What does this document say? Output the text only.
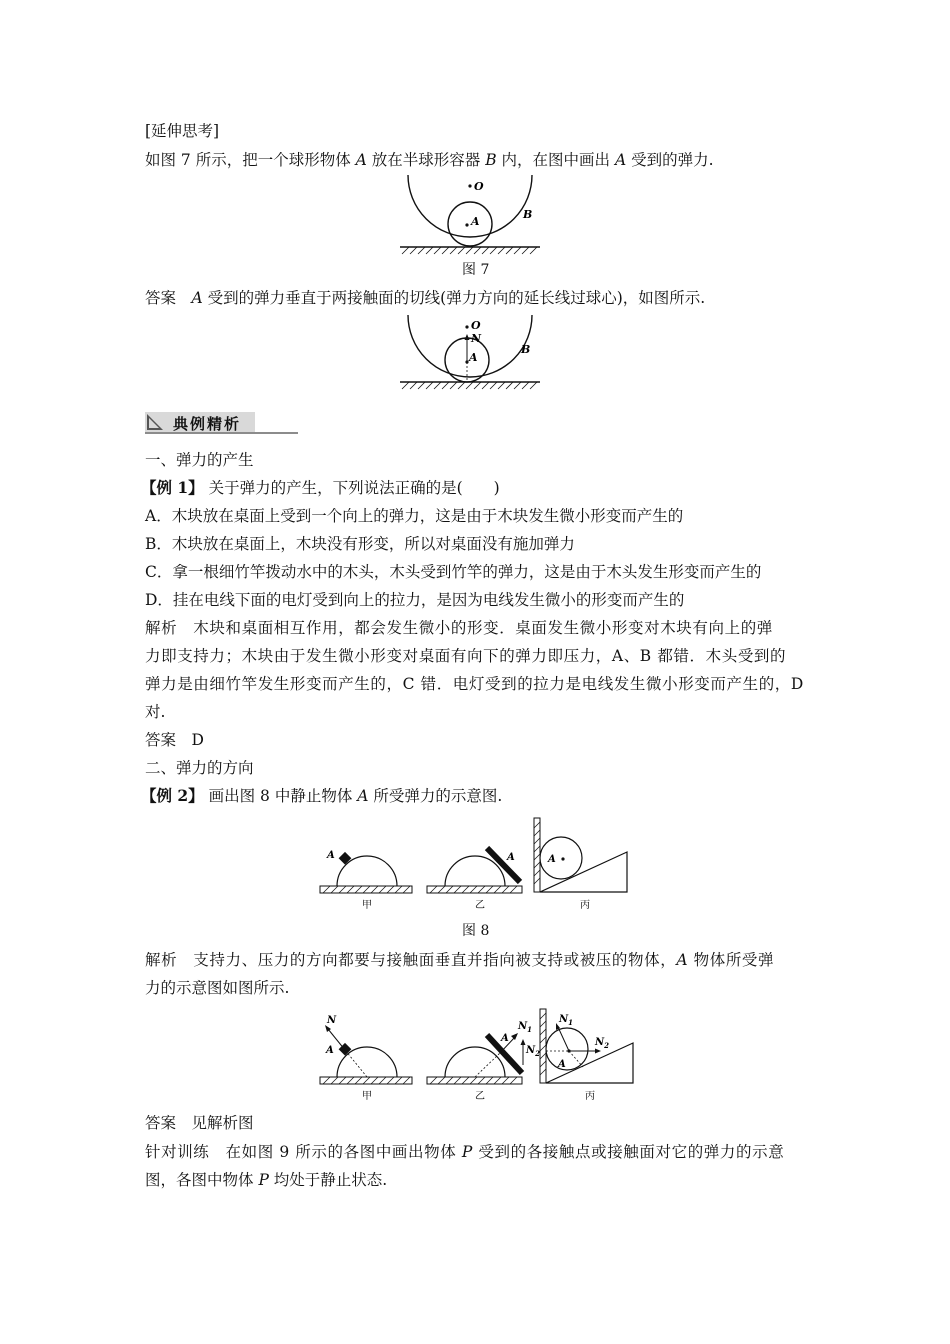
[延伸思考]
如图 7 所示，把一个球形物体 A 放在半球形容器 B 内，在图中画出 A 受到的弹力.
O
A
B
图 7
答案　 A 受到的弹力垂直于两接触面的切线(弹力方向的延长线过球心)，如图所示.
O
N
A
B
典例精析
一、弹力的产生
【例 1】 关于弹力的产生，下列说法正确的是(　　)
A．木块放在桌面上受到一个向上的弹力，这是由于木块发生微小形变而产生的
B．木块放在桌面上，木块没有形变，所以对桌面没有施加弹力
C．拿一根细竹竿拨动水中的木头，木头受到竹竿的弹力，这是由于木头发生形变而产生的
D．挂在电线下面的电灯受到向上的拉力，是因为电线发生微小的形变而产生的
解析　木块和桌面相互作用，都会发生微小的形变．桌面发生微小形变对木块有向上的弹
力即支持力；木块由于发生微小形变对桌面有向下的弹力即压力，A、B 都错．木头受到的
弹力是由细竹竿发生形变而产生的，C 错．电灯受到的拉力是电线发生微小形变而产生的，D
对.
答案　D
二、弹力的方向
【例 2】 画出图 8 中静止物体 A 所受弹力的示意图.
A
甲
A
乙
A
丙
图 8
解析　支持力、压力的方向都要与接触面垂直并指向被支持或被压的物体，A 物体所受弹
力的示意图如图所示.
N
A
甲
$N_1$
$N_2$
A
乙
$N_1$
$N_2$
A
丙
答案　见解析图
针对训练　在如图 9 所示的各图中画出物体 P 受到的各接触点或接触面对它的弹力的示意
图，各图中物体 P 均处于静止状态.
